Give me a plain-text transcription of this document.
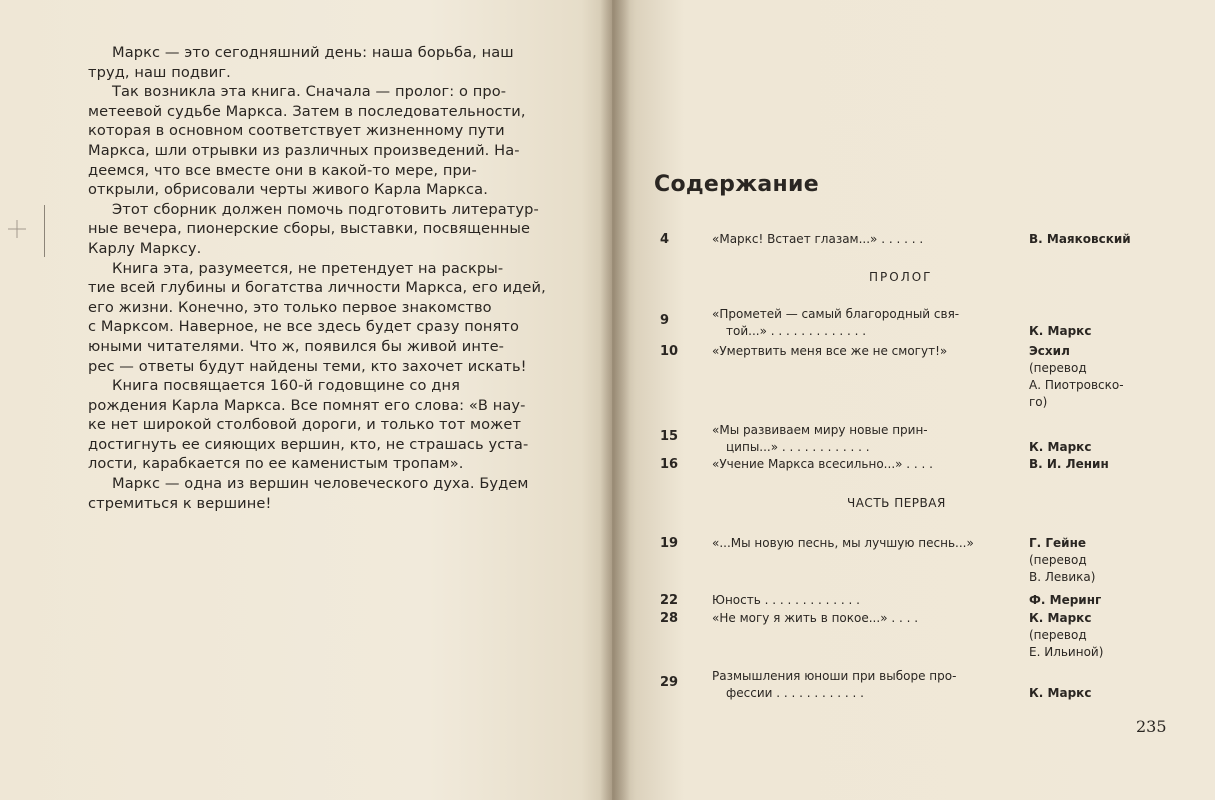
Маркс — это сегодняшний день: наша борьба, наш
труд, наш подвиг.

Так возникла эта книга. Сначала — пролог: о про-
метеевой судьбе Маркса. Затем в последовательности,
которая в основном соответствует жизненному пути
Маркса, шли отрывки из различных произведений. На-
деемся, что все вместе они в какой-то мере, при-
открыли, обрисовали черты живого Карла Маркса.

Этот сборник должен помочь подготовить литератур-
ные вечера, пионерские сборы, выставки, посвященные
Карлу Марксу.

Книга эта, разумеется, не претендует на раскры-
тие всей глубины и богатства личности Маркса, его идей,
его жизни. Конечно, это только первое знакомство
с Марксом. Наверное, не все здесь будет сразу понято
юными читателями. Что ж, появился бы живой инте-
рес — ответы будут найдены теми, кто захочет искать!

Книга посвящается 160-й годовщине со дня
рождения Карла Маркса. Все помнят его слова: «В нау-
ке нет широкой столбовой дороги, и только тот может
достигнуть ее сияющих вершин, кто, не страшась уста-
лости, карабкается по ее каменистым тропам».

Маркс — одна из вершин человеческого духа. Будем
стремиться к вершине!

Содержание
ПРОЛОГ
ЧАСТЬ ПЕРВАЯ
4	«Маркс! Встает глазам...» . . . . . .	В. Маяковский
9	«Прометей — самый благородный свя-
той...» . . . . . . . . . . . . .	К. Маркс
10	«Умертвить меня все же не смогут!»	Эсхил
(перевод
А. Пиотровско-
го)
15	«Мы развиваем миру новые прин-
ципы...» . . . . . . . . . . . .	К. Маркс
16	«Учение Маркса всесильно...» . . . .	В. И. Ленин
19	«...Мы новую песнь, мы лучшую песнь...»	Г. Гейне
(перевод
В. Левика)
22	Юность . . . . . . . . . . . . .	Ф. Меринг
28	«Не могу я жить в покое...» . . . .	К. Маркс
(перевод
Е. Ильиной)
29	Размышления юноши при выборе про-
фессии . . . . . . . . . . . .	К. Маркс
235
